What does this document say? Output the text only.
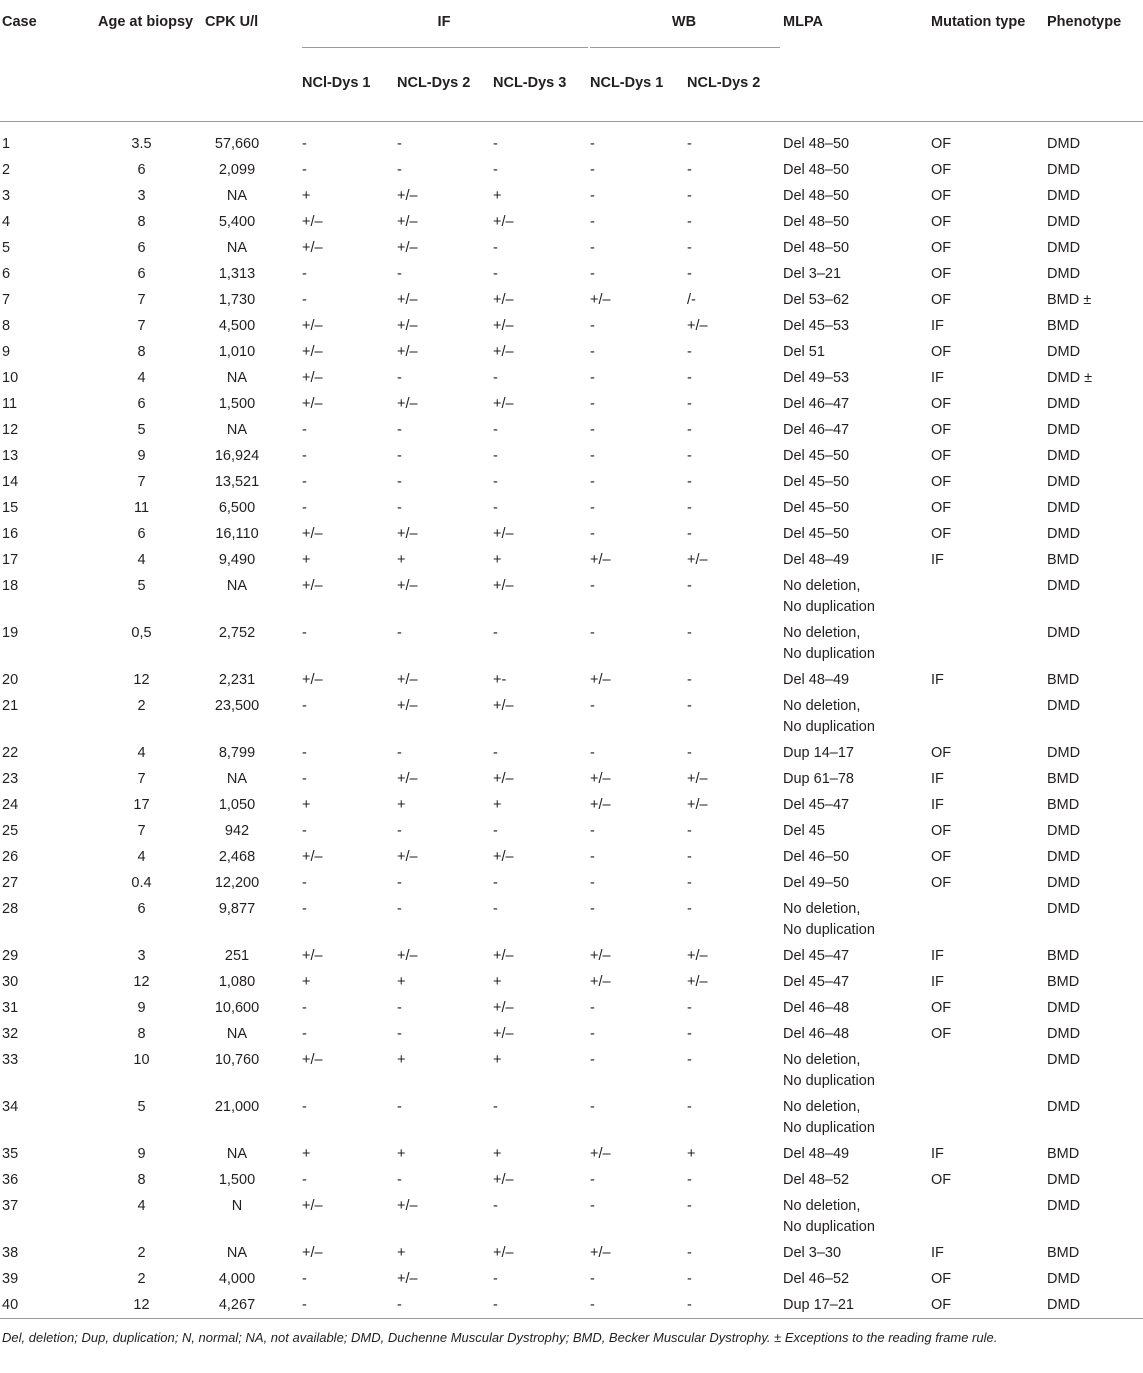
Case	Age at biopsy	CPK U/l	IF			WB		MLPA	Mutation type	Phenotype
			NCl-Dys 1	NCL-Dys 2	NCL-Dys 3	NCL-Dys 1	NCL-Dys 2			
1	3.5	57,660	-	-	-	-	-	Del 48–50	OF	DMD
2	6	2,099	-	-	-	-	-	Del 48–50	OF	DMD
3	3	NA	+	+/–	+	-	-	Del 48–50	OF	DMD
4	8	5,400	+/–	+/–	+/–	-	-	Del 48–50	OF	DMD
5	6	NA	+/–	+/–	-	-	-	Del 48–50	OF	DMD
6	6	1,313	-	-	-	-	-	Del 3–21	OF	DMD
7	7	1,730	-	+/–	+/–	+/–	/-	Del 53–62	OF	BMD ±
8	7	4,500	+/–	+/–	+/–	-	+/–	Del 45–53	IF	BMD
9	8	1,010	+/–	+/–	+/–	-	-	Del 51	OF	DMD
10	4	NA	+/–	-	-	-	-	Del 49–53	IF	DMD ±
11	6	1,500	+/–	+/–	+/–	-	-	Del 46–47	OF	DMD
12	5	NA	-	-	-	-	-	Del 46–47	OF	DMD
13	9	16,924	-	-	-	-	-	Del 45–50	OF	DMD
14	7	13,521	-	-	-	-	-	Del 45–50	OF	DMD
15	11	6,500	-	-	-	-	-	Del 45–50	OF	DMD
16	6	16,110	+/–	+/–	+/–	-	-	Del 45–50	OF	DMD
17	4	9,490	+	+	+	+/–	+/–	Del 48–49	IF	BMD
18	5	NA	+/–	+/–	+/–	-	-	No deletion,
No duplication		DMD
19	0,5	2,752	-	-	-	-	-	No deletion,
No duplication		DMD
20	12	2,231	+/–	+/–	+-	+/–	-	Del 48–49	IF	BMD
21	2	23,500	-	+/–	+/–	-	-	No deletion,
No duplication		DMD
22	4	8,799	-	-	-	-	-	Dup 14–17	OF	DMD
23	7	NA	-	+/–	+/–	+/–	+/–	Dup 61–78	IF	BMD
24	17	1,050	+	+	+	+/–	+/–	Del 45–47	IF	BMD
25	7	942	-	-	-	-	-	Del 45	OF	DMD
26	4	2,468	+/–	+/–	+/–	-	-	Del 46–50	OF	DMD
27	0.4	12,200	-	-	-	-	-	Del 49–50	OF	DMD
28	6	9,877	-	-	-	-	-	No deletion,
No duplication		DMD
29	3	251	+/–	+/–	+/–	+/–	+/–	Del 45–47	IF	BMD
30	12	1,080	+	+	+	+/–	+/–	Del 45–47	IF	BMD
31	9	10,600	-	-	+/–	-	-	Del 46–48	OF	DMD
32	8	NA	-	-	+/–	-	-	Del 46–48	OF	DMD
33	10	10,760	+/–	+	+	-	-	No deletion,
No duplication		DMD
34	5	21,000	-	-	-	-	-	No deletion,
No duplication		DMD
35	9	NA	+	+	+	+/–	+	Del 48–49	IF	BMD
36	8	1,500	-	-	+/–	-	-	Del 48–52	OF	DMD
37	4	N	+/–	+/–	-	-	-	No deletion,
No duplication		DMD
38	2	NA	+/–	+	+/–	+/–	-	Del 3–30	IF	BMD
39	2	4,000	-	+/–	-	-	-	Del 46–52	OF	DMD
40	12	4,267	-	-	-	-	-	Dup 17–21	OF	DMD
Del, deletion; Dup, duplication; N, normal; NA, not available; DMD, Duchenne Muscular Dystrophy; BMD, Becker Muscular Dystrophy. ± Exceptions to the reading frame rule.										
